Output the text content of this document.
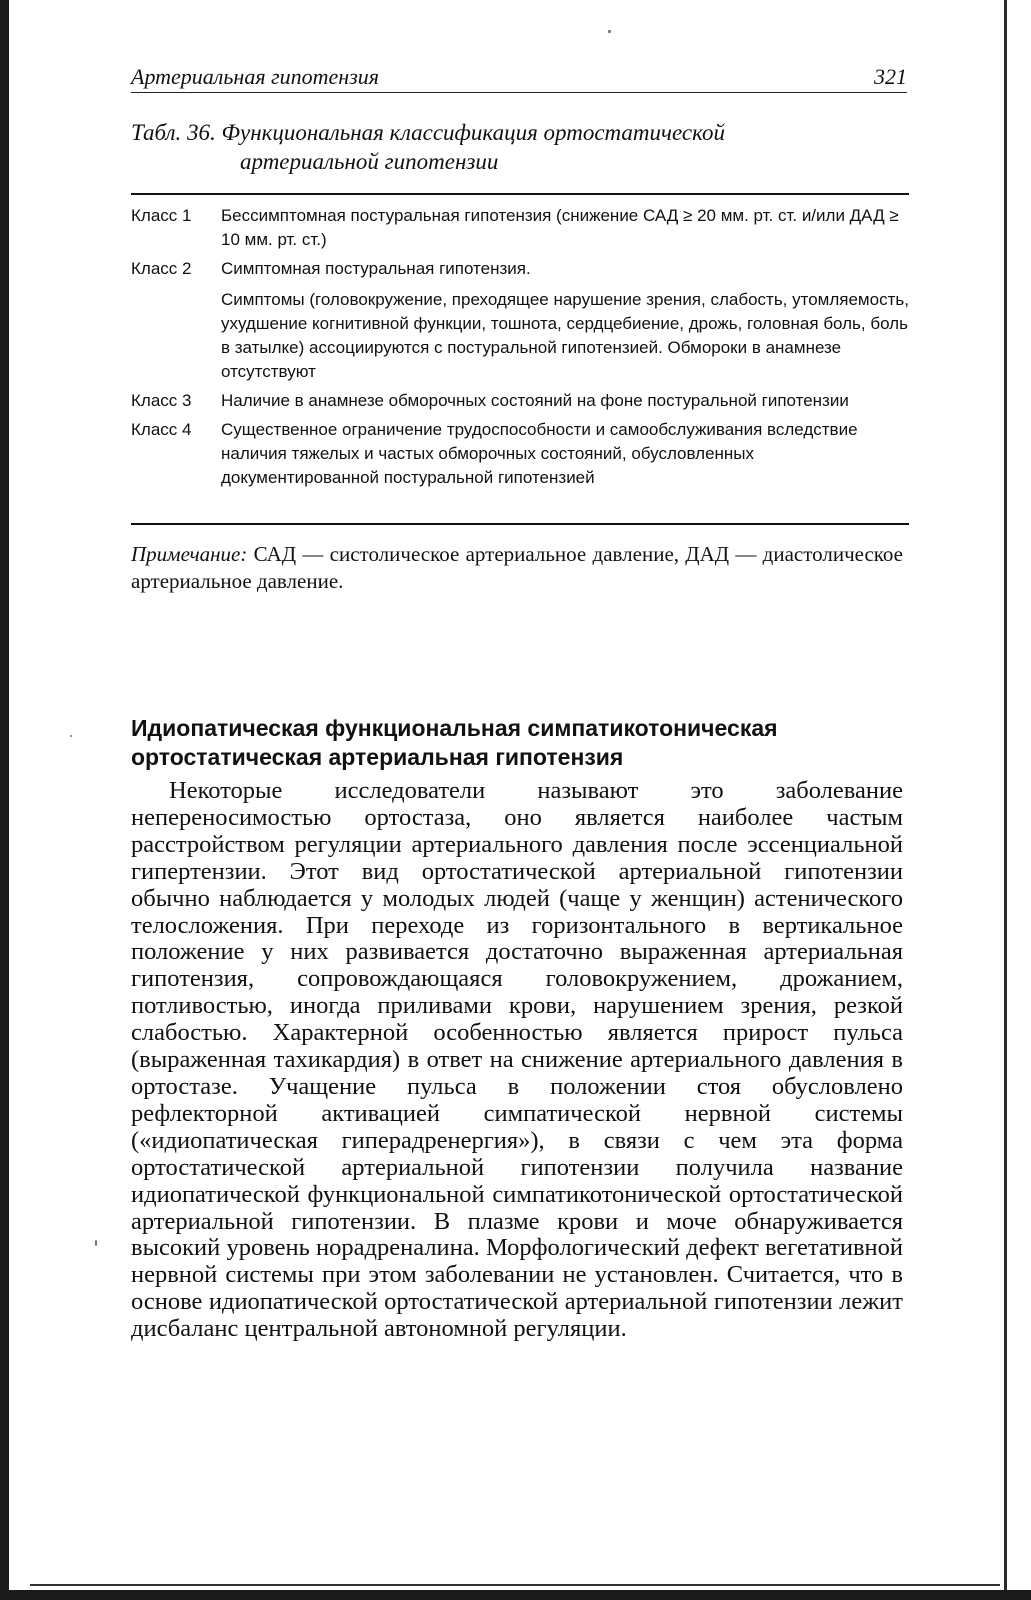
Артериальная гипотензия	321
Табл. 36. Функциональная классификация ортостатической
артериальной гипотензии
Класс 1	Бессимптомная постуральная гипотензия (снижение САД ≥ 20 мм. рт. ст. и/или ДАД ≥ 10 мм. рт. ст.)

Класс 2	Симптомная постуральная гипотензия.

Симптомы (головокружение, преходящее нарушение зрения, слабость, утомляемость, ухудшение когнитивной функции, тошнота, сердцебиение, дрожь, головная боль, боль в затылке) ассоциируются с постуральной гипотензией. Обмороки в анамнезе отсутствуют

Класс 3	Наличие в анамнезе обморочных состояний на фоне постуральной гипотензии

Класс 4	Существенное ограничение трудоспособности и самообслуживания вследствие наличия тяжелых и частых обморочных состояний, обусловленных документированной постуральной гипотензией

Примечание: САД — систолическое артериальное давление, ДАД — диастолическое артериальное давление.
Идиопатическая функциональная симпатикотоническая ортостатическая артериальная гипотензия

Некоторые исследователи называют это заболевание непереносимостью ортостаза, оно является наиболее частым расстройством регуляции артериального давления после эссенциальной гипертензии. Этот вид ортостатической артериальной гипотензии обычно наблюдается у молодых людей (чаще у женщин) астенического телосложения. При переходе из горизонтального в вертикальное положение у них развивается достаточно выраженная артериальная гипотензия, сопровождающаяся головокружением, дрожанием, потливостью, иногда приливами крови, нарушением зрения, резкой слабостью. Характерной особенностью является прирост пульса (выраженная тахикардия) в ответ на снижение артериального давления в ортостазе. Учащение пульса в положении стоя обусловлено рефлекторной активацией симпатической нервной системы («идиопатическая гиперадренергия»), в связи с чем эта форма ортостатической артериальной гипотензии получила название идиопатической функциональной симпатикотонической ортостатической артериальной гипотензии. В плазме крови и моче обнаруживается высокий уровень норадреналина. Морфологический дефект вегетативной нервной системы при этом заболевании не установлен. Считается, что в основе идиопатической ортостатической артериальной гипотензии лежит дисбаланс центральной автономной регуляции.
